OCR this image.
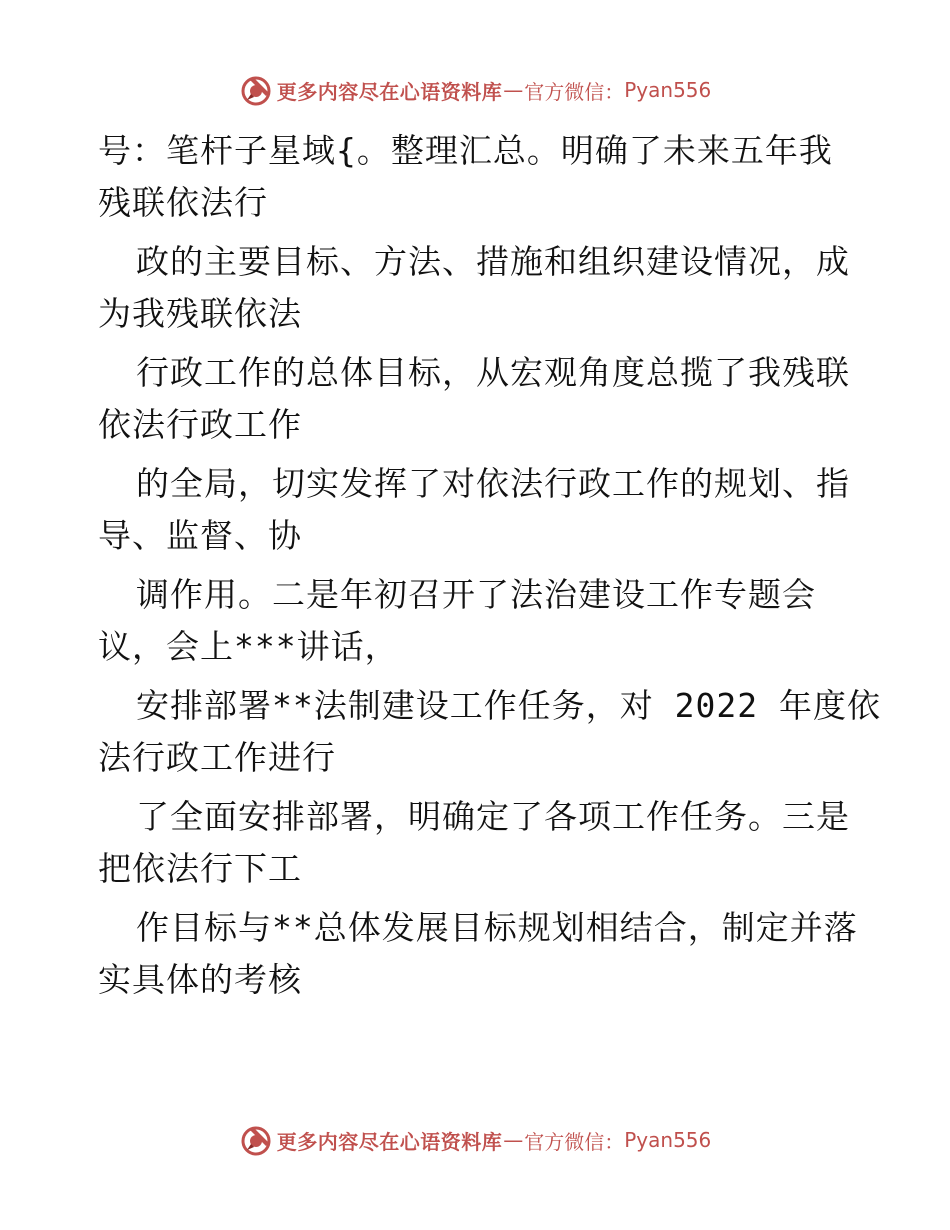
更多内容尽在心语资料库 — 官方微信： Pyan556
号：笔杆子星域{。整理汇总。明确了未来五年我
残联依法行
政的主要目标、方法、措施和组织建设情况，成
为我残联依法
行政工作的总体目标，从宏观角度总揽了我残联
依法行政工作
的全局，切实发挥了对依法行政工作的规划、指
导、监督、协
调作用。二是年初召开了法治建设工作专题会
议，会上***讲话，
安排部署**法制建设工作任务，对 2022 年度依
法行政工作进行
了全面安排部署，明确定了各项工作任务。三是
把依法行下工
作目标与**总体发展目标规划相结合，制定并落
实具体的考核
更多内容尽在心语资料库 — 官方微信： Pyan556
